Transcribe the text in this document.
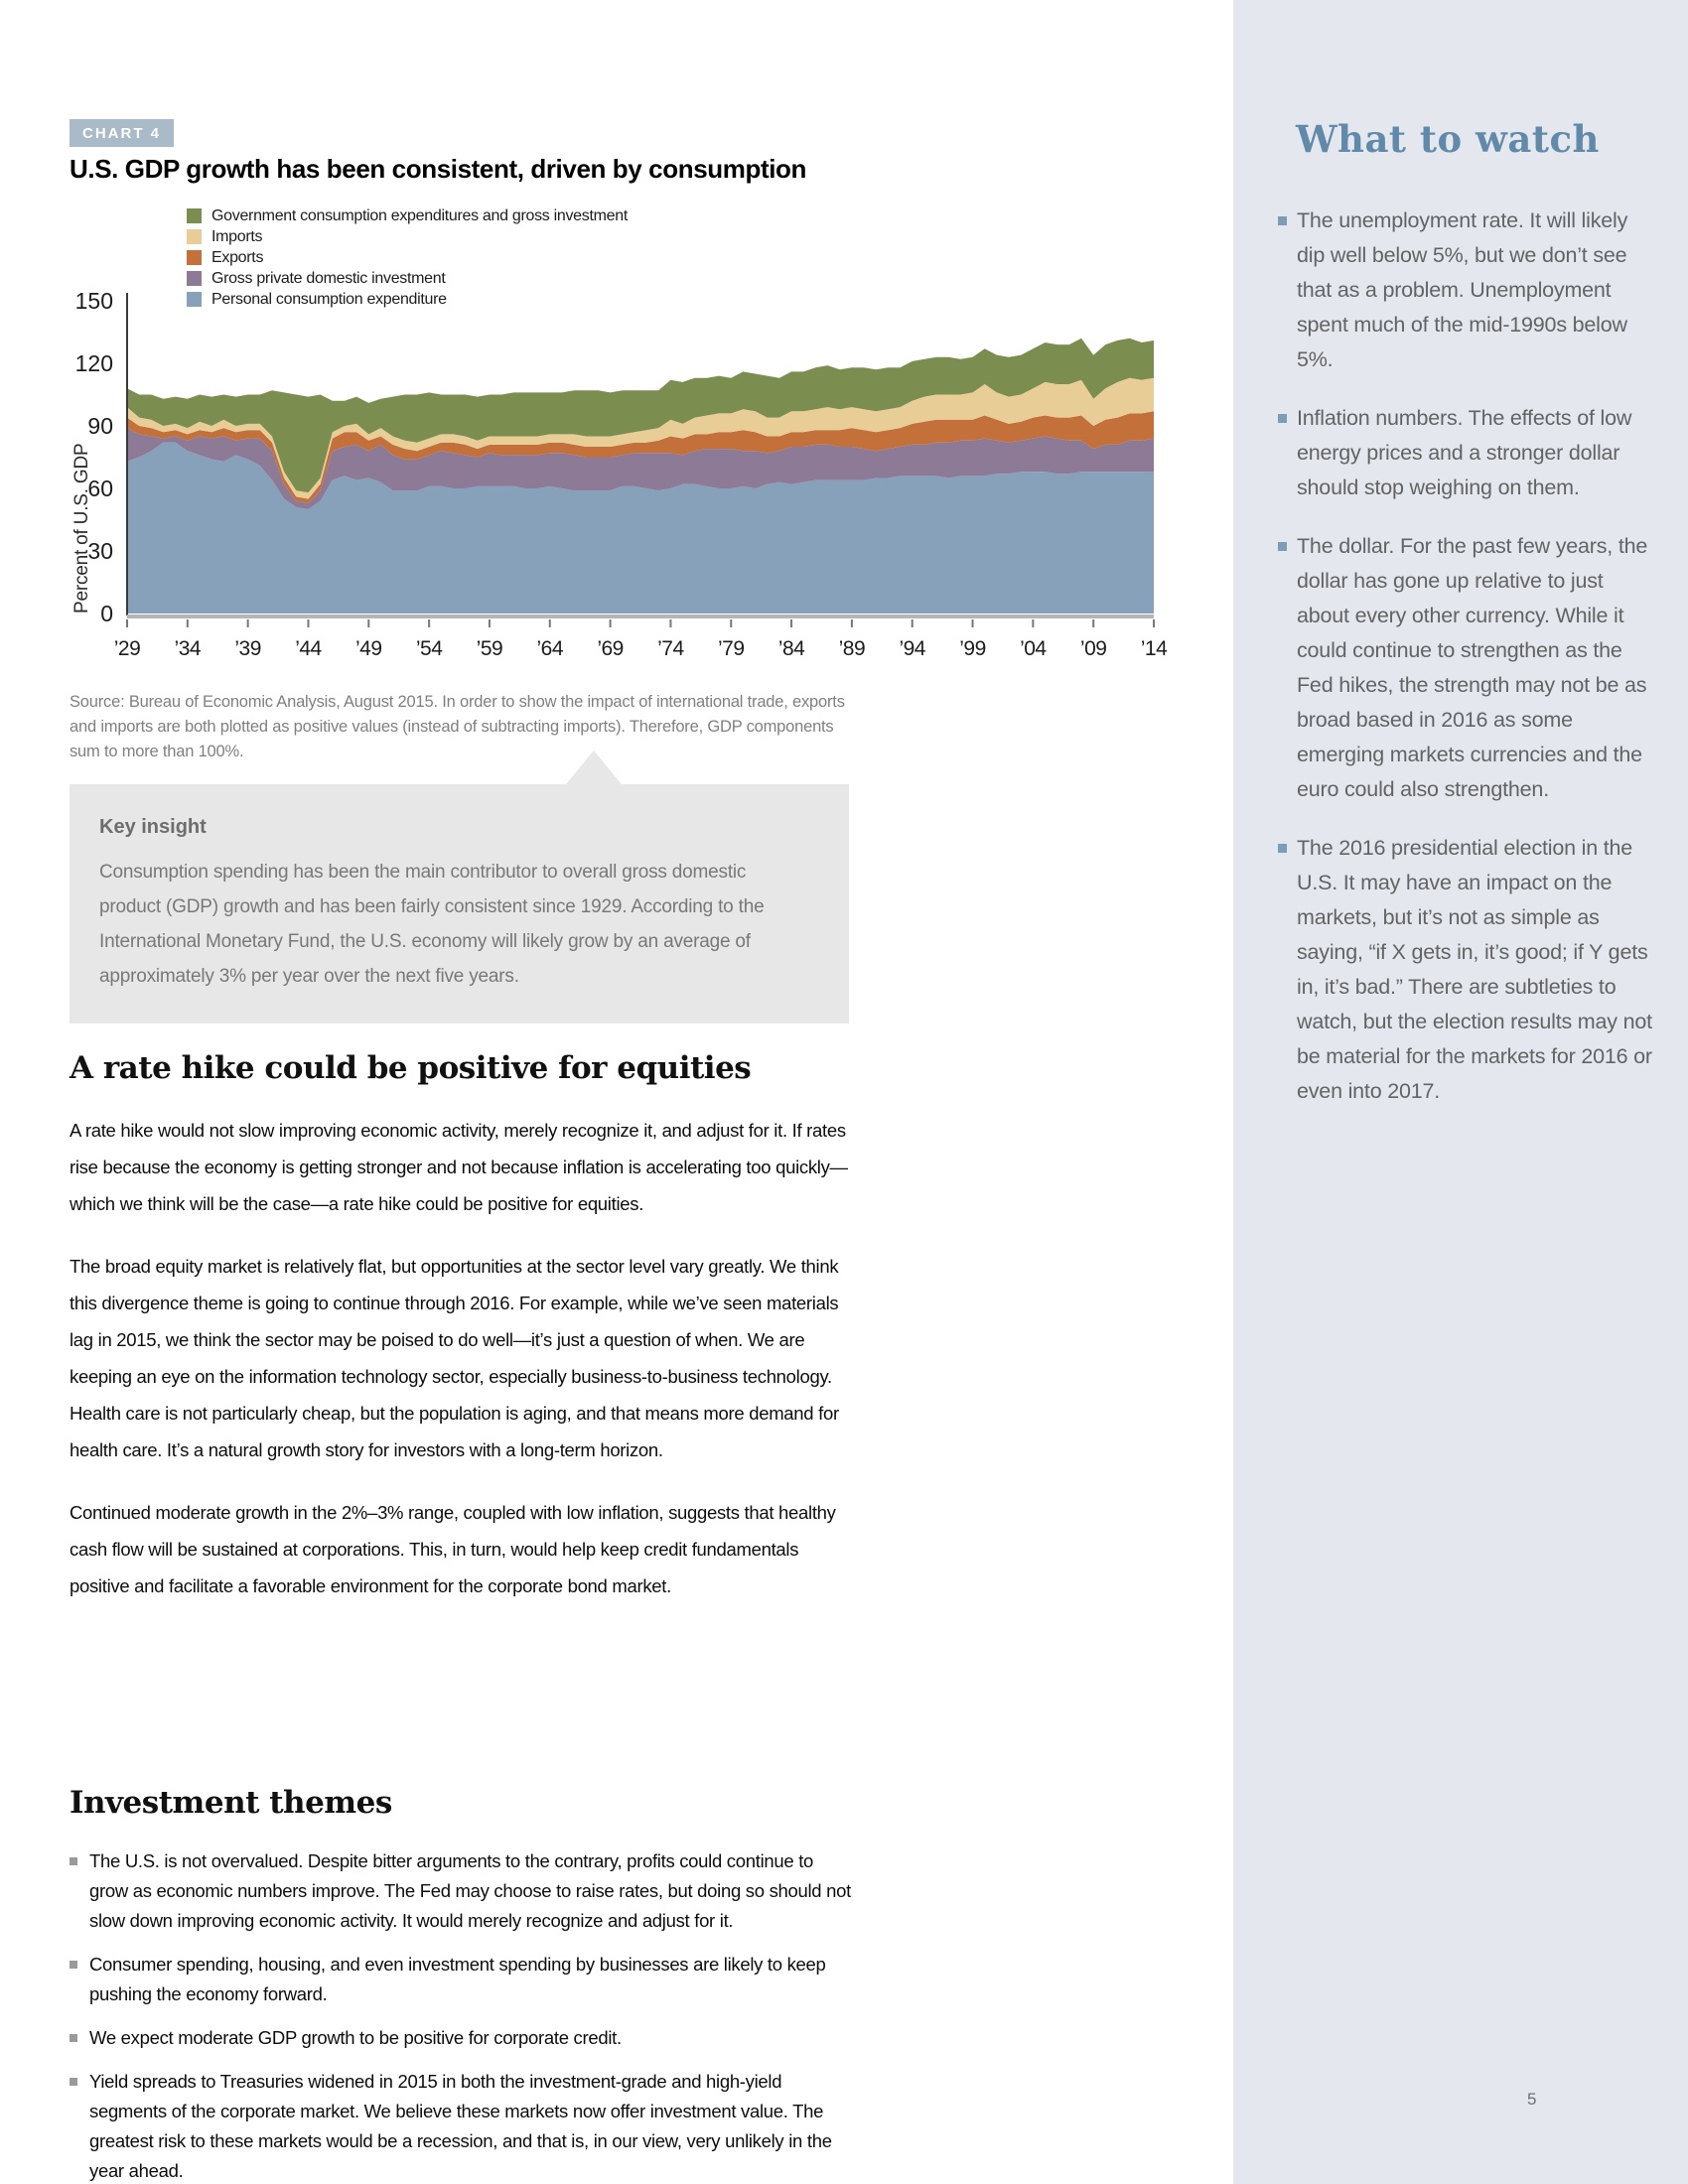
What to watch
The unemployment rate. It will likely dip well below 5%, but we don’t see that as a problem. Unemployment spent much of the mid-1990s below 5%.
Inflation numbers. The effects of low energy prices and a stronger dollar should stop weighing on them.
The dollar. For the past few years, the dollar has gone up relative to just about every other currency. While it could continue to strengthen as the Fed hikes, the strength may not be as broad based in 2016 as some emerging markets currencies and the euro could also strengthen.
The 2016 presidential election in the U.S. It may have an impact on the markets, but it’s not as simple as saying, “if X gets in, it’s good; if Y gets in, it’s bad.” There are subtleties to watch, but the election results may not be material for the markets for 2016 or even into 2017.
5
CHART 4
U.S. GDP growth has been consistent, driven by consumption
Percent of U.S. GDP 0
30
60
90
120
150
’29 ’34 ’39 ’44 ’49 ’54 ’59 ’64 ’69 ’74 ’79 ’84 ’89 ’94 ’99 ’04 ’09 ’14
Government consumption expenditures and gross investment
Imports
Exports
Gross private domestic investment
Personal consumption expenditure

Source: Bureau of Economic Analysis, August 2015. In order to show the impact of international trade, exports and imports are both plotted as positive values (instead of subtracting imports). Therefore, GDP components sum to more than 100%.

Key insight

Consumption spending has been the main contributor to overall gross domestic product (GDP) growth and has been fairly consistent since 1929. According to the International Monetary Fund, the U.S. economy will likely grow by an average of approximately 3% per year over the next five years.

A rate hike could be positive for equities

A rate hike would not slow improving economic activity, merely recognize it, and adjust for it. If rates rise because the economy is getting stronger and not because inflation is accelerating too quickly—which we think will be the case—a rate hike could be positive for equities.

The broad equity market is relatively flat, but opportunities at the sector level vary greatly. We think this divergence theme is going to continue through 2016. For example, while we’ve seen materials lag in 2015, we think the sector may be poised to do well—it’s just a question of when. We are keeping an eye on the information technology sector, especially business-to-business technology. Health care is not particularly cheap, but the population is aging, and that means more demand for health care. It’s a natural growth story for investors with a long-term horizon.

Continued moderate growth in the 2%–3% range, coupled with low inflation, suggests that healthy cash flow will be sustained at corporations. This, in turn, would help keep credit fundamentals positive and facilitate a favorable environment for the corporate bond market.

Investment themes
The U.S. is not overvalued. Despite bitter arguments to the contrary, profits could continue to grow as economic numbers improve. The Fed may choose to raise rates, but doing so should not slow down improving economic activity. It would merely recognize and adjust for it.
Consumer spending, housing, and even investment spending by businesses are likely to keep pushing the economy forward.
We expect moderate GDP growth to be positive for corporate credit.
Yield spreads to Treasuries widened in 2015 in both the investment-grade and high-yield segments of the corporate market. We believe these markets now offer investment value. The greatest risk to these markets would be a recession, and that is, in our view, very unlikely in the year ahead.
